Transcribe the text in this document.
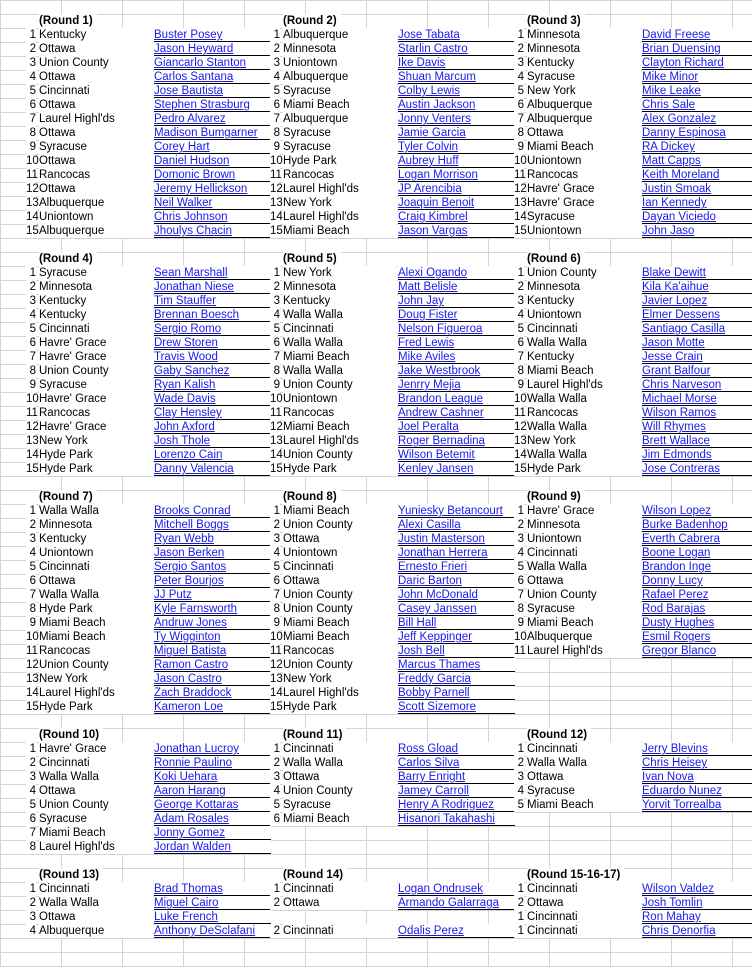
(Round 1)
1 Kentucky	Buster Posey
2 Ottawa	Jason Heyward
3 Union County	Giancarlo Stanton
4 Ottawa	Carlos Santana
5 Cincinnati	Jose Bautista
6 Ottawa	Stephen Strasburg
7 Laurel Highl'ds	Pedro Alvarez
8 Ottawa	Madison Bumgarner
9 Syracuse	Corey Hart
10 Ottawa	Daniel Hudson
11 Rancocas	Domonic Brown
12 Ottawa	Jeremy Hellickson
13 Albuquerque	Neil Walker
14 Uniontown	Chris Johnson
15 Albuquerque	Jhoulys Chacin
(Round 2)
1 Albuquerque	Jose Tabata
2 Minnesota	Starlin Castro
3 Uniontown	Ike Davis
4 Albuquerque	Shuan Marcum
5 Syracuse	Colby Lewis
6 Miami Beach	Austin Jackson
7 Albuquerque	Jonny Venters
8 Syracuse	Jamie Garcia
9 Syracuse	Tyler Colvin
10 Hyde Park	Aubrey Huff
11 Rancocas	Logan Morrison
12 Laurel Highl'ds	JP Arencibia
13 New York	Joaquin Benoit
14 Laurel Highl'ds	Craig Kimbrel
15 Miami Beach	Jason Vargas
(Round 3)
1 Minnesota	David Freese
2 Minnesota	Brian Duensing
3 Kentucky	Clayton Richard
4 Syracuse	Mike Minor
5 New York	Mike Leake
6 Albuquerque	Chris Sale
7 Albuquerque	Alex Gonzalez
8 Ottawa	Danny Espinosa
9 Miami Beach	RA Dickey
10 Uniontown	Matt Capps
11 Rancocas	Keith Moreland
12 Havre' Grace	Justin Smoak
13 Havre' Grace	Ian Kennedy
14 Syracuse	Dayan Viciedo
15 Uniontown	John Jaso
(Round 4)
1 Syracuse	Sean Marshall
2 Minnesota	Jonathan Niese
3 Kentucky	Tim Stauffer
4 Kentucky	Brennan Boesch
5 Cincinnati	Sergio Romo
6 Havre' Grace	Drew Storen
7 Havre' Grace	Travis Wood
8 Union County	Gaby Sanchez
9 Syracuse	Ryan Kalish
10 Havre' Grace	Wade Davis
11 Rancocas	Clay Hensley
12 Havre' Grace	John Axford
13 New York	Josh Thole
14 Hyde Park	Lorenzo Cain
15 Hyde Park	Danny Valencia
(Round 5)
1 New York	Alexi Ogando
2 Minnesota	Matt Belisle
3 Kentucky	John Jay
4 Walla Walla	Doug Fister
5 Cincinnati	Nelson Figueroa
6 Walla Walla	Fred Lewis
7 Miami Beach	Mike Aviles
8 Walla Walla	Jake Westbrook
9 Union County	Jenrry Mejia
10 Uniontown	Brandon League
11 Rancocas	Andrew Cashner
12 Miami Beach	Joel Peralta
13 Laurel Highl'ds	Roger Bernadina
14 Union County	Wilson Betemit
15 Hyde Park	Kenley Jansen
(Round 6)
1 Union County	Blake Dewitt
2 Minnesota	Kila Ka'aihue
3 Kentucky	Javier Lopez
4 Uniontown	Elmer Dessens
5 Cincinnati	Santiago Casilla
6 Walla Walla	Jason Motte
7 Kentucky	Jesse Crain
8 Miami Beach	Grant Balfour
9 Laurel Highl'ds	Chris Narveson
10 Walla Walla	Michael Morse
11 Rancocas	Wilson Ramos
12 Walla Walla	Will Rhymes
13 New York	Brett Wallace
14 Walla Walla	Jim Edmonds
15 Hyde Park	Jose Contreras
(Round 7)
1 Walla Walla	Brooks Conrad
2 Minnesota	Mitchell Boggs
3 Kentucky	Ryan Webb
4 Uniontown	Jason Berken
5 Cincinnati	Sergio Santos
6 Ottawa	Peter Bourjos
7 Walla Walla	JJ Putz
8 Hyde Park	Kyle Farnsworth
9 Miami Beach	Andruw Jones
10 Miami Beach	Ty Wigginton
11 Rancocas	Miguel Batista
12 Union County	Ramon Castro
13 New York	Jason Castro
14 Laurel Highl'ds	Zach Braddock
15 Hyde Park	Kameron Loe
(Round 8)
1 Miami Beach	Yuniesky Betancourt
2 Union County	Alexi Casilla
3 Ottawa	Justin Masterson
4 Uniontown	Jonathan Herrera
5 Cincinnati	Ernesto Frieri
6 Ottawa	Daric Barton
7 Union County	John McDonald
8 Union County	Casey Janssen
9 Miami Beach	Bill Hall
10 Miami Beach	Jeff Keppinger
11 Rancocas	Josh Bell
12 Union County	Marcus Thames
13 New York	Freddy Garcia
14 Laurel Highl'ds	Bobby Parnell
15 Hyde Park	Scott Sizemore
(Round 9)
1 Havre' Grace	Wilson Lopez
2 Minnesota	Burke Badenhop
3 Uniontown	Everth Cabrera
4 Cincinnati	Boone Logan
5 Walla Walla	Brandon Inge
6 Ottawa	Donny Lucy
7 Union County	Rafael Perez
8 Syracuse	Rod Barajas
9 Miami Beach	Dusty Hughes
10 Albuquerque	Esmil Rogers
11 Laurel Highl'ds	Gregor Blanco
(Round 10)
1 Havre' Grace	Jonathan Lucroy
2 Cincinnati	Ronnie Paulino
3 Walla Walla	Koki Uehara
4 Ottawa	Aaron Harang
5 Union County	George Kottaras
6 Syracuse	Adam Rosales
7 Miami Beach	Jonny Gomez
8 Laurel Highl'ds	Jordan Walden
(Round 11)
1 Cincinnati	Ross Gload
2 Walla Walla	Carlos Silva
3 Ottawa	Barry Enright
4 Union County	Jamey Carroll
5 Syracuse	Henry A Rodriguez
6 Miami Beach	Hisanori Takahashi
(Round 12)
1 Cincinnati	Jerry Blevins
2 Walla Walla	Chris Heisey
3 Ottawa	Ivan Nova
4 Syracuse	Eduardo Nunez
5 Miami Beach	Yorvit Torrealba
(Round 13)
1 Cincinnati	Brad Thomas
2 Walla Walla	Miguel Cairo
3 Ottawa	Luke French
4 Albuquerque	Anthony DeSclafani
(Round 14)
1 Cincinnati	Logan Ondrusek
2 Ottawa	Armando Galarraga
2 Cincinnati	Odalis Perez
(Round 15-16-17)
1 Cincinnati	Wilson Valdez
2 Ottawa	Josh Tomlin
1 Cincinnati	Ron Mahay
1 Cincinnati	Chris Denorfia
